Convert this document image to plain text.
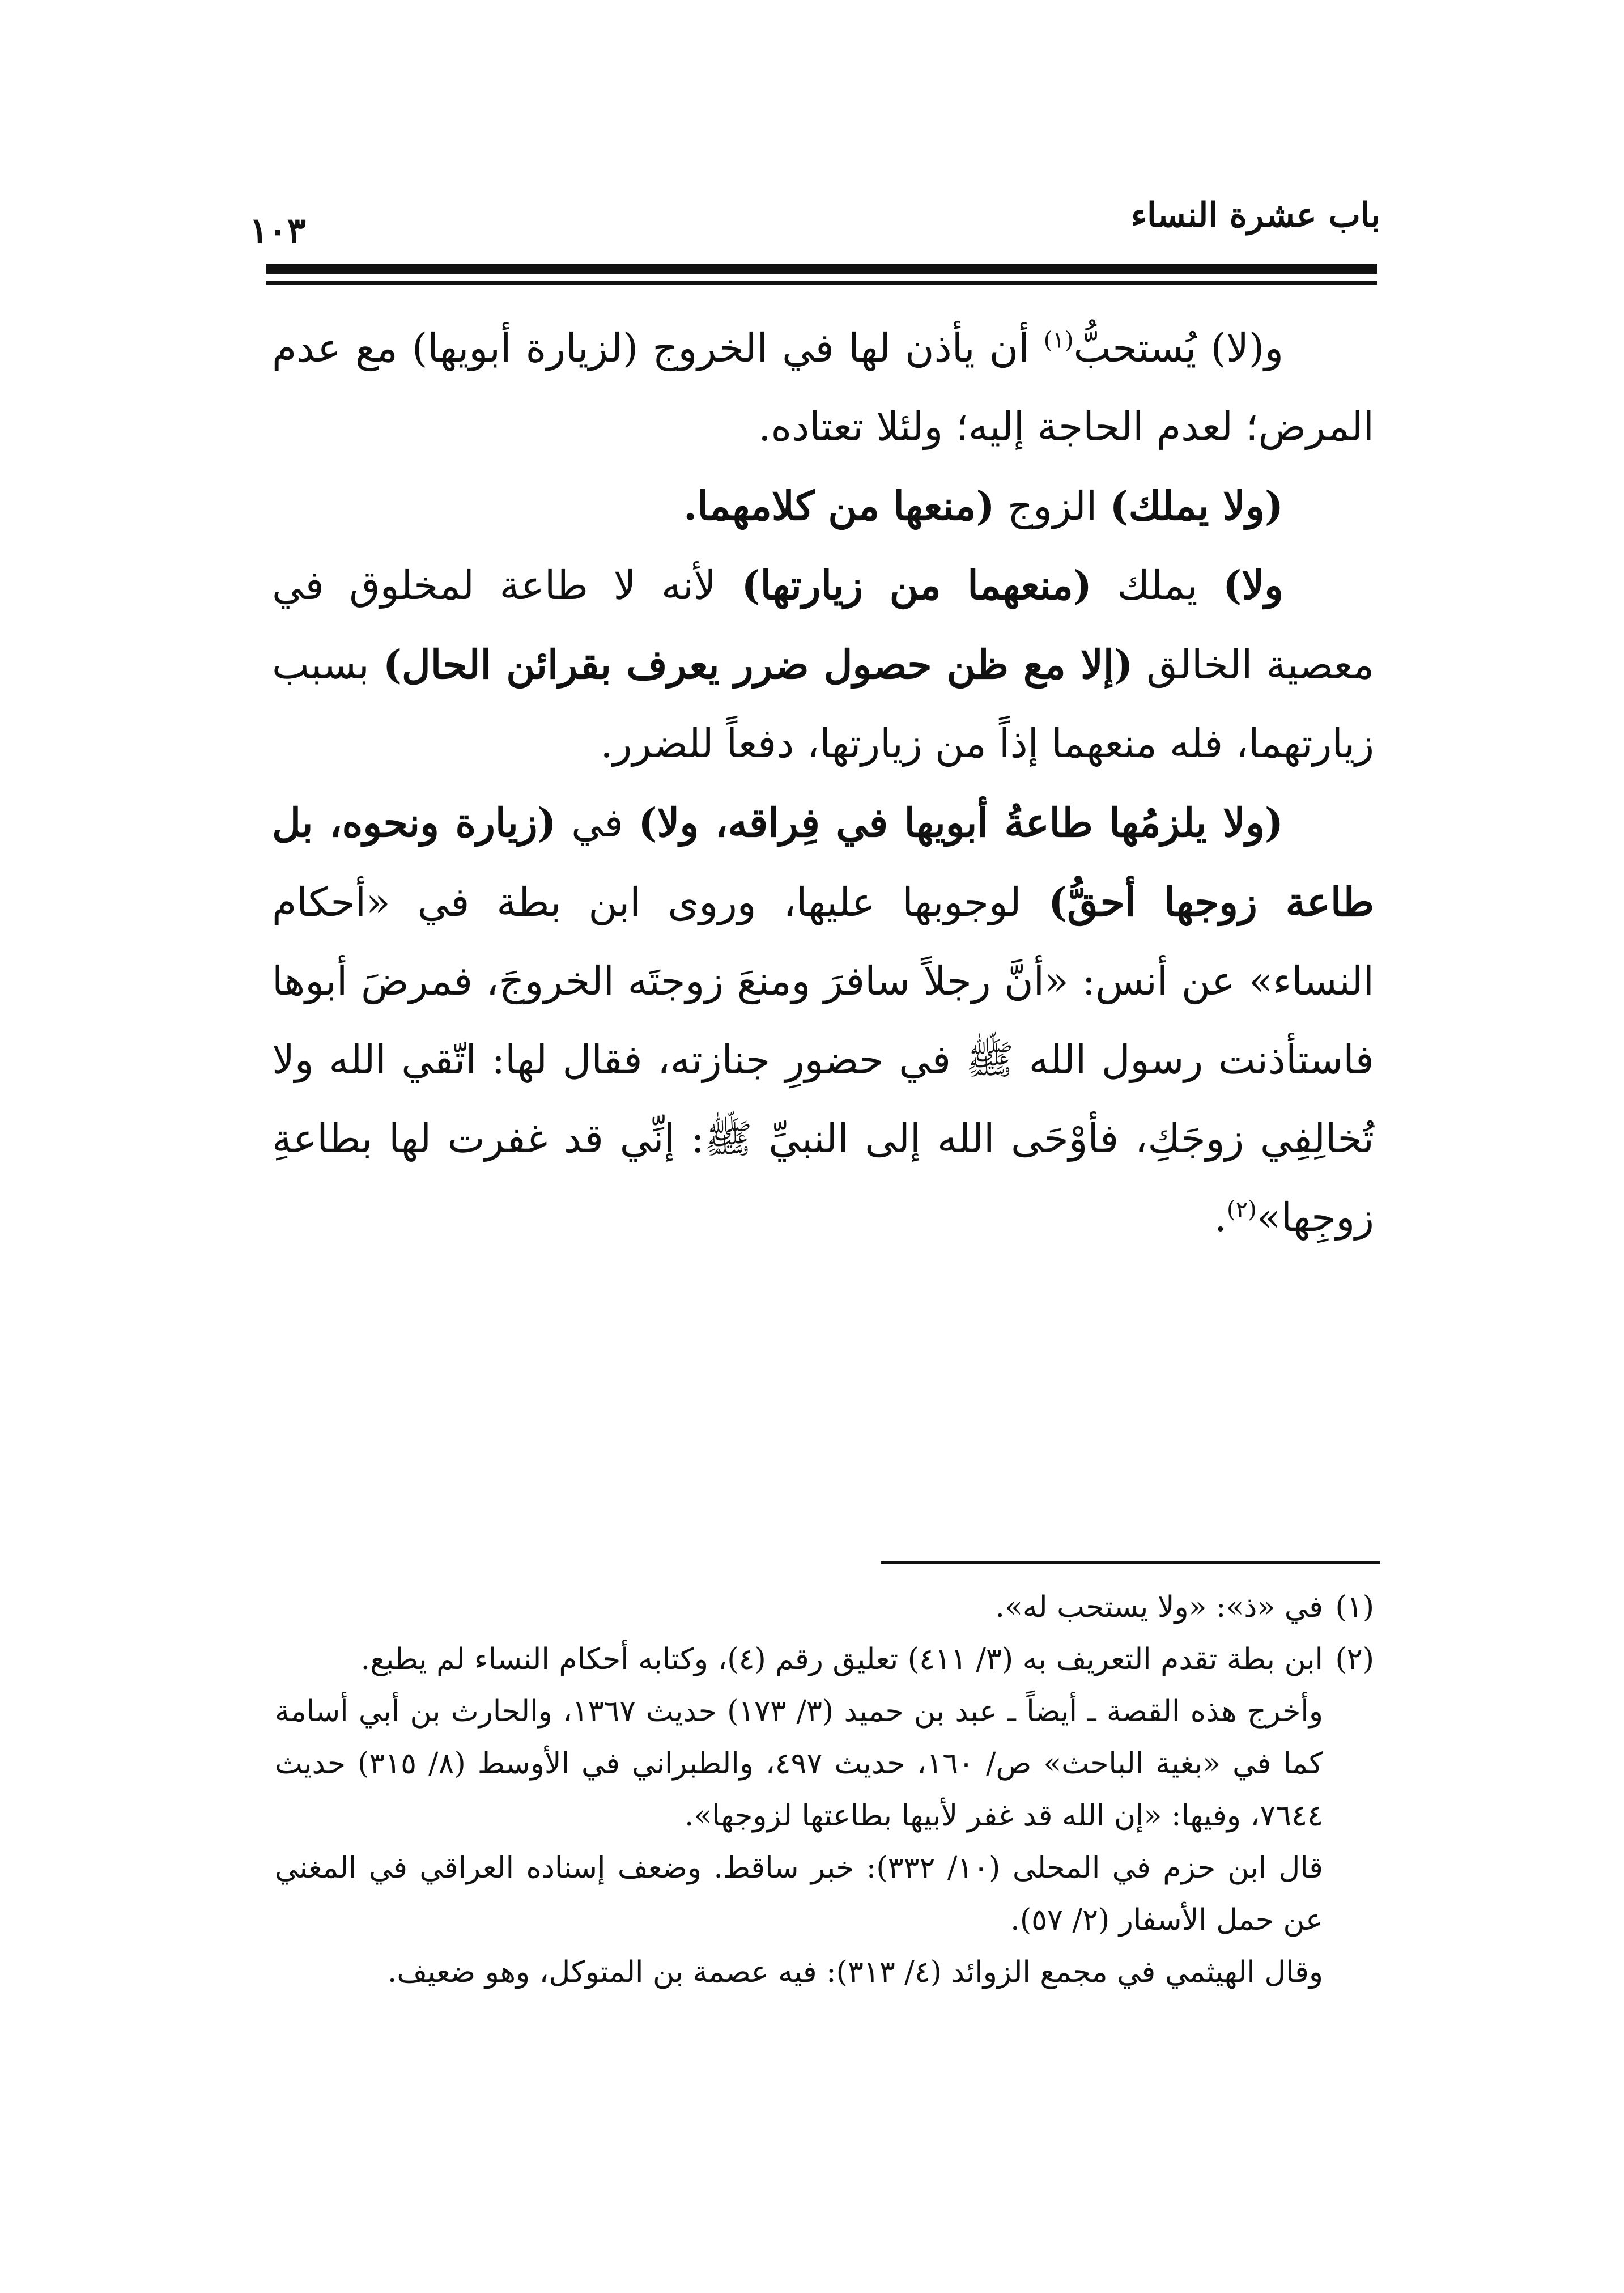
باب عشرة النساء
١٠٣

و(لا) يُستحبُّ$^{(١)}$ أن يأذن لها في الخروج (لزيارة أبويها) مع عدم المرض؛ لعدم الحاجة إليه؛ ولئلا تعتاده.

(ولا يملك) الزوج (منعها من كلامهما.

ولا) يملك (منعهما من زيارتها) لأنه لا طاعة لمخلوق في معصية الخالق (إلا مع ظن حصول ضرر يعرف بقرائن الحال) بسبب زيارتهما، فله منعهما إذاً من زيارتها، دفعاً للضرر.

(ولا يلزمُها طاعةُ أبويها في فِراقه، ولا) في (زيارة ونحوه، بل طاعة زوجها أحقُّ) لوجوبها عليها، وروى ابن بطة في «أحكام النساء» عن أنس: «أنَّ رجلاً سافرَ ومنعَ زوجتَه الخروجَ، فمرضَ أبوها فاستأذنت رسول الله ﷺ في حضورِ جنازته، فقال لها: اتّقي الله ولا تُخالِفِي زوجَكِ، فأوْحَى الله إلى النبيِّ ﷺ: إنِّي قد غفرت لها بطاعةِ زوجِها»$^{(٢)}$.

(١)في «ذ»: «ولا يستحب له».

(٢)ابن بطة تقدم التعريف به (٣/ ٤١١) تعليق رقم (٤)، وكتابه أحكام النساء لم يطبع.

وأخرج هذه القصة ـ أيضاً ـ عبد بن حميد (٣/ ١٧٣) حديث ١٣٦٧، والحارث بن أبي أسامة كما في «بغية الباحث» ص/ ١٦٠، حديث ٤٩٧، والطبراني في الأوسط (٨/ ٣١٥) حديث ٧٦٤٤، وفيها: «إن الله قد غفر لأبيها بطاعتها لزوجها».

قال ابن حزم في المحلى (١٠/ ٣٣٢): خبر ساقط. وضعف إسناده العراقي في المغني عن حمل الأسفار (٢/ ٥٧).

وقال الهيثمي في مجمع الزوائد (٤/ ٣١٣): فيه عصمة بن المتوكل، وهو ضعيف.
